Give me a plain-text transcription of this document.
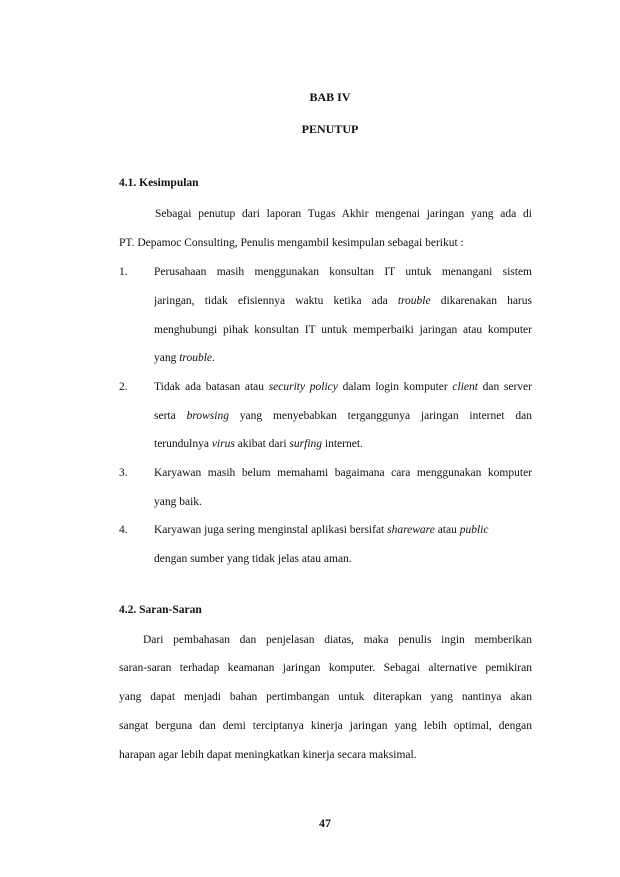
BAB IV
PENUTUP
4.1. Kesimpulan
Sebagai penutup dari laporan Tugas Akhir mengenai jaringan yang ada di
PT. Depamoc Consulting, Penulis mengambil kesimpulan sebagai berikut :
1. Perusahaan masih menggunakan konsultan IT untuk menangani sistem
jaringan, tidak efisiennya waktu ketika ada trouble dikarenakan harus
menghubungi pihak konsultan IT untuk memperbaiki jaringan atau komputer
yang trouble.
2. Tidak ada batasan atau security policy dalam login komputer client dan server
serta browsing yang menyebabkan terganggunya jaringan internet dan
terundulnya virus akibat dari surfing internet.
3. Karyawan masih belum memahami bagaimana cara menggunakan komputer
yang baik.
4. Karyawan juga sering menginstal aplikasi bersifat shareware atau public
dengan sumber yang tidak jelas atau aman.
4.2. Saran-Saran
Dari pembahasan dan penjelasan diatas, maka penulis ingin memberikan
saran-saran terhadap keamanan jaringan komputer. Sebagai alternative pemikiran
yang dapat menjadi bahan pertimbangan untuk diterapkan yang nantinya akan
sangat berguna dan demi terciptanya kinerja jaringan yang lebih optimal, dengan
harapan agar lebih dapat meningkatkan kinerja secara maksimal.
47
